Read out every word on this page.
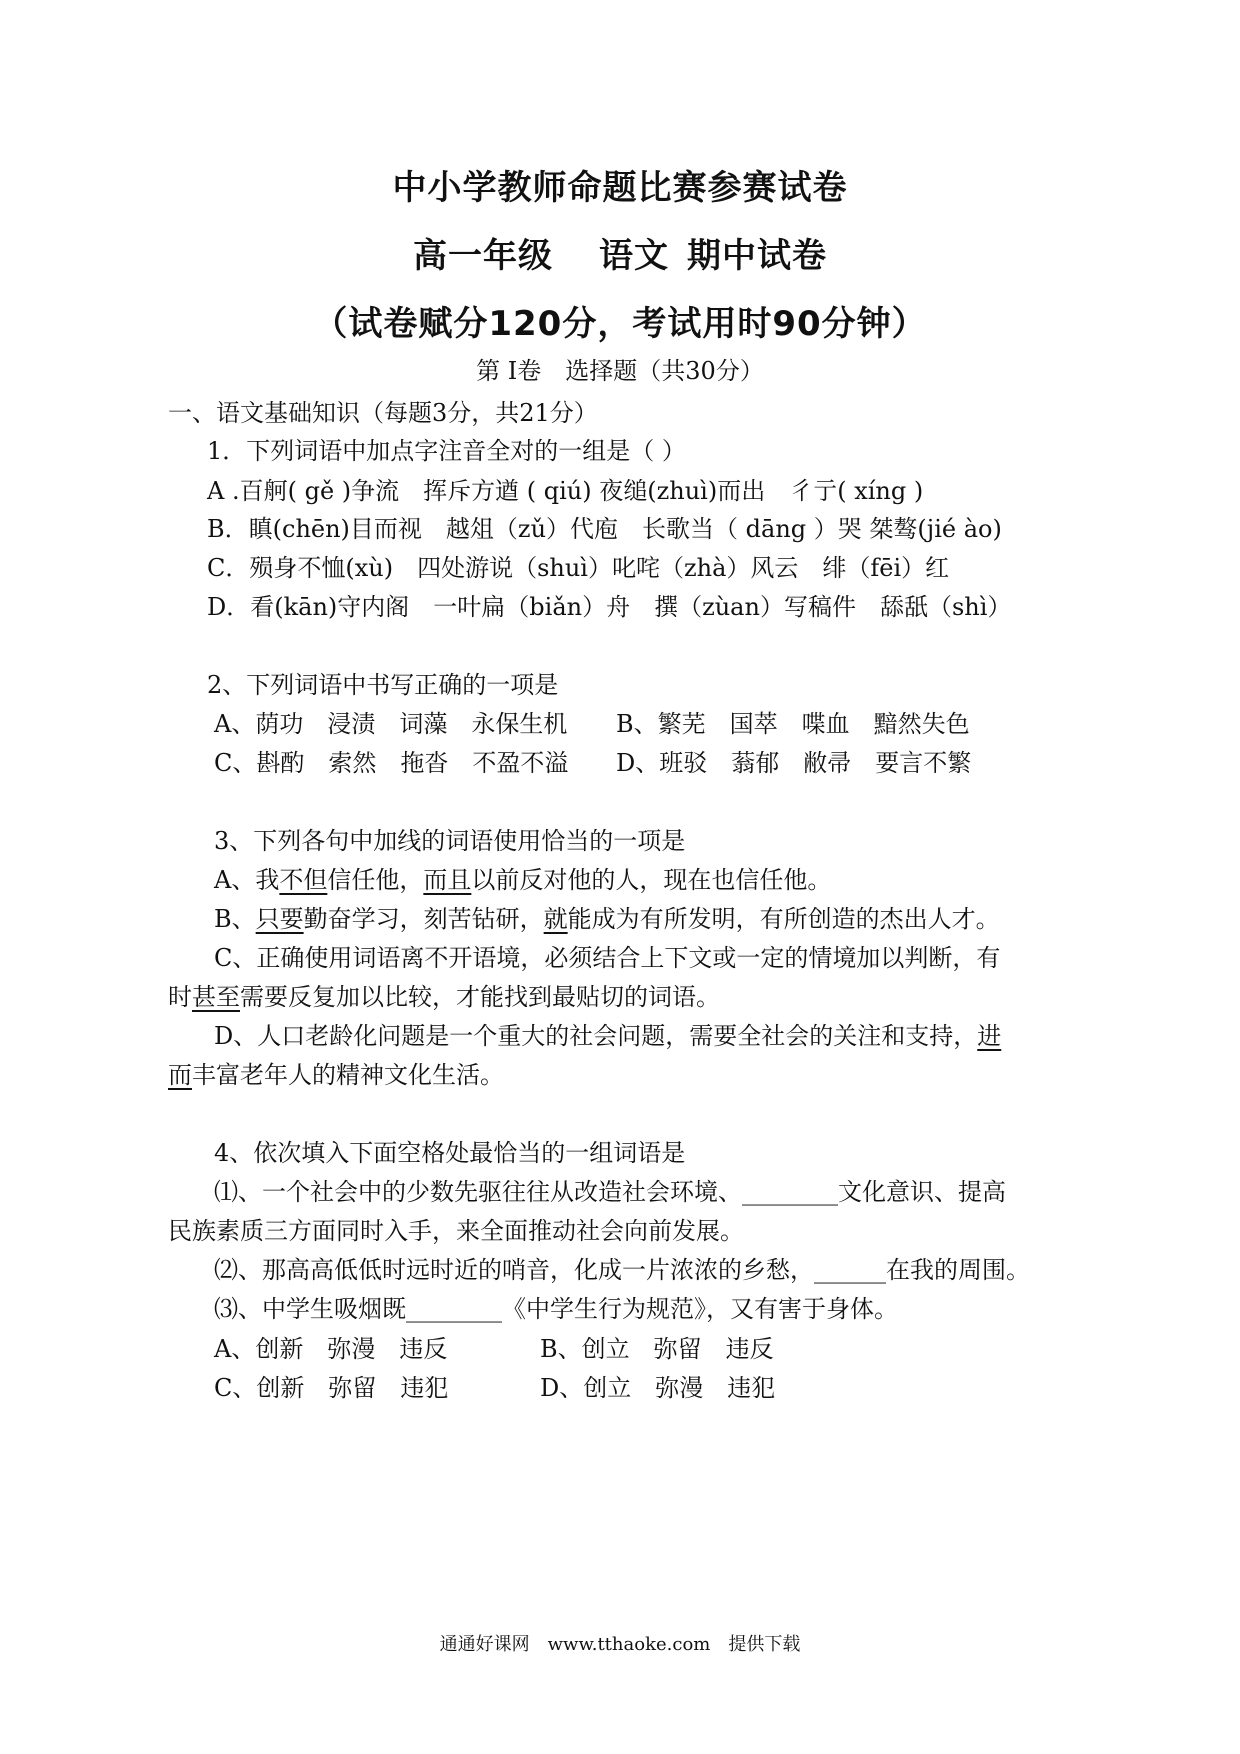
中小学教师命题比赛参赛试卷
高一年级 语文 期中试卷
（试卷赋分120分，考试用时90分钟）
第 Ⅰ卷　选择题（共30分）
一、语文基础知识（每题3分，共21分）
1．下列词语中加点字注音全对的一组是（ ）
A .百舸( gě )争流　挥斥方遒 ( qiú) 夜缒(zhuì)而出　彳亍( xíng )
B．瞋(chēn)目而视　越俎（zǔ）代庖　长歌当（ dāng ）哭 桀骜(jié ào)
C．殒身不恤(xù)　四处游说（shuì）叱咤（zhà）风云　绯（fēi）红
D．看(kān)守内阁　一叶扁（biǎn）舟　撰（zùan）写稿件　舔舐（shì）
2、下列词语中书写正确的一项是
A、荫功　浸渍　词藻　永保生机 B、繁芜　国萃　喋血　黯然失色
C、斟酌　索然　拖沓　不盈不溢 D、班驳　蓊郁　敝帚　要言不繁
3、下列各句中加线的词语使用恰当的一项是
A、我不但信任他，而且以前反对他的人，现在也信任他。
B、只要勤奋学习，刻苦钻研，就能成为有所发明，有所创造的杰出人才。
C、正确使用词语离不开语境，必须结合上下文或一定的情境加以判断，有
时甚至需要反复加以比较，才能找到最贴切的词语。
D、人口老龄化问题是一个重大的社会问题，需要全社会的关注和支持，进
而丰富老年人的精神文化生活。
4、依次填入下面空格处最恰当的一组词语是
⑴、一个社会中的少数先驱往往从改造社会环境、________文化意识、提高
民族素质三方面同时入手，来全面推动社会向前发展。
⑵、那高高低低时远时近的哨音，化成一片浓浓的乡愁，______在我的周围。
⑶、中学生吸烟既________《中学生行为规范》，又有害于身体。
A、创新　弥漫　违反	B、创立　弥留　违反
C、创新　弥留　违犯	D、创立　弥漫　违犯
通通好课网　www.tthaoke.com　提供下载
